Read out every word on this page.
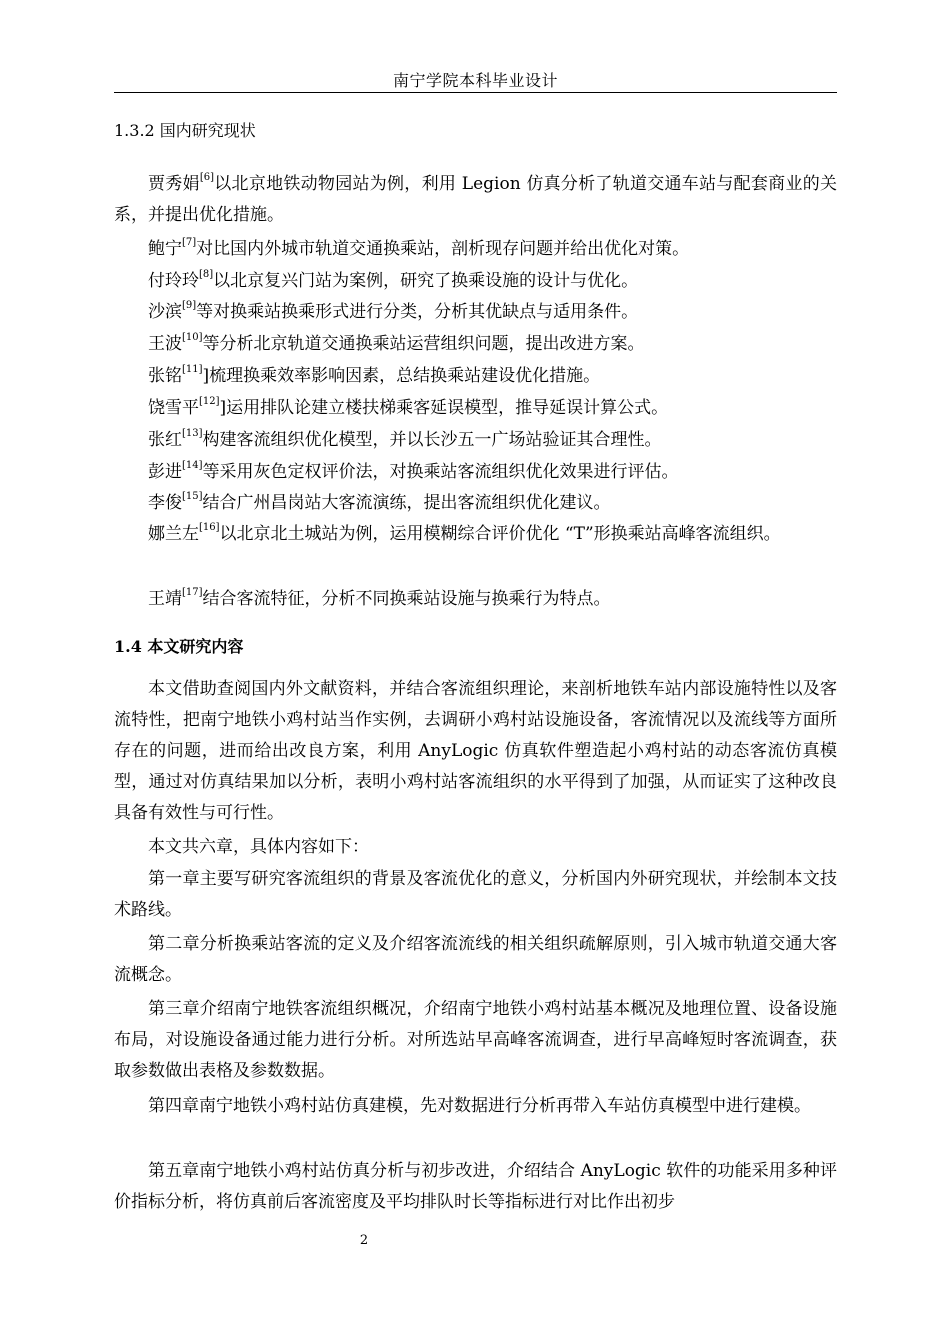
南宁学院本科毕业设计
1.3.2 国内研究现状

贾秀娟[6]以北京地铁动物园站为例，利用 Legion 仿真分析了轨道交通车站与配套商业的关系，并提出优化措施。

鲍宁[7]对比国内外城市轨道交通换乘站，剖析现存问题并给出优化对策。

付玲玲[8]以北京复兴门站为案例，研究了换乘设施的设计与优化。

沙滨[9]等对换乘站换乘形式进行分类，分析其优缺点与适用条件。

王波[10]等分析北京轨道交通换乘站运营组织问题，提出改进方案。

张铭[11]]梳理换乘效率影响因素，总结换乘站建设优化措施。

饶雪平[12]]运用排队论建立楼扶梯乘客延误模型，推导延误计算公式。

张红[13]构建客流组织优化模型，并以长沙五一广场站验证其合理性。

彭进[14]等采用灰色定权评价法，对换乘站客流组织优化效果进行评估。

李俊[15]结合广州昌岗站大客流演练，提出客流组织优化建议。

娜兰左[16]以北京北土城站为例，运用模糊综合评价优化 “T”形换乘站高峰客流组织。

王靖[17]结合客流特征，分析不同换乘站设施与换乘行为特点。

1.4 本文研究内容

本文借助查阅国内外文献资料，并结合客流组织理论，来剖析地铁车站内部设施特性以及客流特性，把南宁地铁小鸡村站当作实例，去调研小鸡村站设施设备，客流情况以及流线等方面所存在的问题，进而给出改良方案，利用 AnyLogic 仿真软件塑造起小鸡村站的动态客流仿真模型，通过对仿真结果加以分析，表明小鸡村站客流组织的水平得到了加强，从而证实了这种改良具备有效性与可行性。

本文共六章，具体内容如下：

第一章主要写研究客流组织的背景及客流优化的意义，分析国内外研究现状，并绘制本文技术路线。

第二章分析换乘站客流的定义及介绍客流流线的相关组织疏解原则，引入城市轨道交通大客流概念。

第三章介绍南宁地铁客流组织概况，介绍南宁地铁小鸡村站基本概况及地理位置、设备设施布局，对设施设备通过能力进行分析。对所选站早高峰客流调查，进行早高峰短时客流调查，获取参数做出表格及参数数据。

第四章南宁地铁小鸡村站仿真建模，先对数据进行分析再带入车站仿真模型中进行建模。

第五章南宁地铁小鸡村站仿真分析与初步改进，介绍结合 AnyLogic 软件的功能采用多种评价指标分析，将仿真前后客流密度及平均排队时长等指标进行对比作出初步

2
